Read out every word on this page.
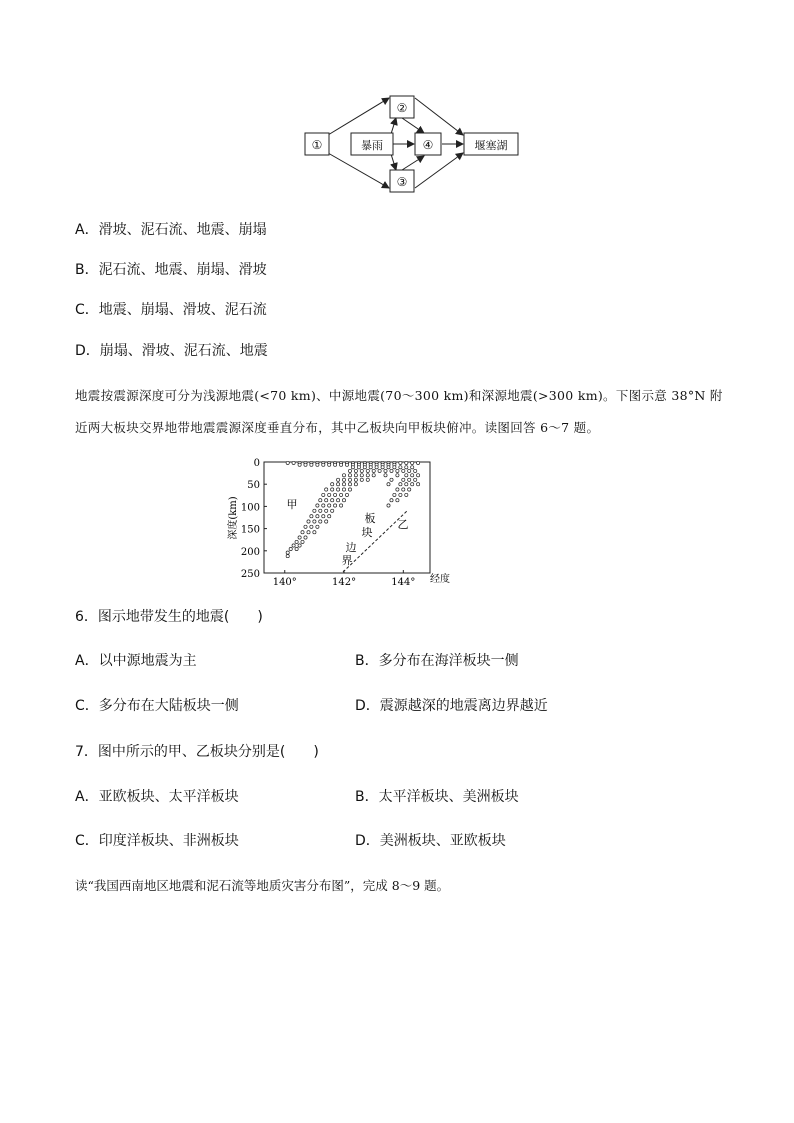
①
②
暴雨	④
③
堰塞湖
A．滑坡、泥石流、地震、崩塌
B．泥石流、地震、崩塌、滑坡
C．地震、崩塌、滑坡、泥石流
D．崩塌、滑坡、泥石流、地震
地震按震源深度可分为浅源地震(<70 km)、中源地震(70～300 km)和深源地震(>300 km)。下图示意 38°N 附
近两大板块交界地带地震震源深度垂直分布，其中乙板块向甲板块俯冲。读图回答 6～7 题。
深度(km)
0
50
100
150
200
250
140°	142°	144° 经度
甲
乙
板
块
边
界
6．图示地带发生的地震(　　)
A．以中源地震为主	B．多分布在海洋板块一侧
C．多分布在大陆板块一侧	D．震源越深的地震离边界越近
7．图中所示的甲、乙板块分别是(　　)
A．亚欧板块、太平洋板块	B．太平洋板块、美洲板块
C．印度洋板块、非洲板块	D．美洲板块、亚欧板块
读“我国西南地区地震和泥石流等地质灾害分布图”，完成 8～9 题。
